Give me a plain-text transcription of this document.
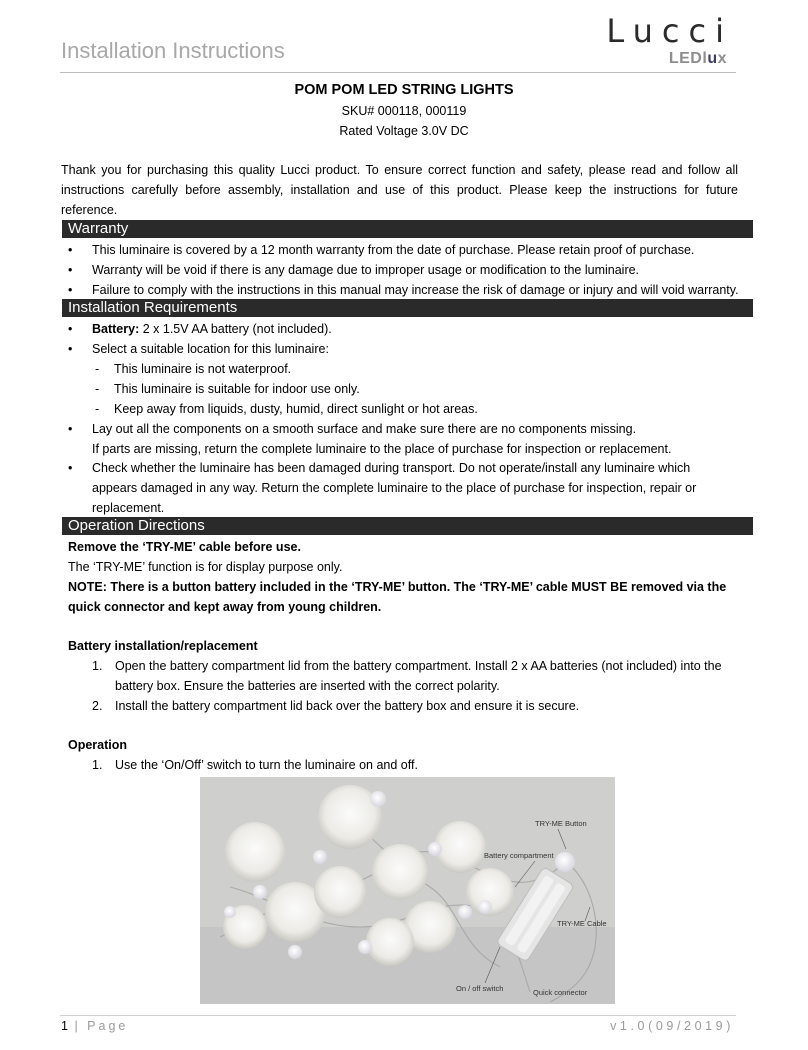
Installation Instructions
Lucci
LEDlux
POM POM LED STRING LIGHTS
SKU# 000118, 000119
Rated Voltage 3.0V DC
Thank you for purchasing this quality Lucci product. To ensure correct function and safety, please read and follow all instructions carefully before assembly, installation and use of this product. Please keep the instructions for future reference.
Warranty
• This luminaire is covered by a 12 month warranty from the date of purchase. Please retain proof of purchase.
• Warranty will be void if there is any damage due to improper usage or modification to the luminaire.
• Failure to comply with the instructions in this manual may increase the risk of damage or injury and will void warranty.
Installation Requirements
• Battery: 2 x 1.5V AA battery (not included).
• Select a suitable location for this luminaire:
- This luminaire is not waterproof.
- This luminaire is suitable for indoor use only.
- Keep away from liquids, dusty, humid, direct sunlight or hot areas.
• Lay out all the components on a smooth surface and make sure there are no components missing.
If parts are missing, return the complete luminaire to the place of purchase for inspection or replacement.
• Check whether the luminaire has been damaged during transport. Do not operate/install any luminaire which
appears damaged in any way. Return the complete luminaire to the place of purchase for inspection, repair or
replacement.
Operation Directions
Remove the ‘TRY-ME’ cable before use.
The ‘TRY-ME’ function is for display purpose only.
NOTE: There is a button battery included in the ‘TRY-ME’ button. The ‘TRY-ME’ cable MUST BE removed via the
quick connector and kept away from young children.
Battery installation/replacement
1. Open the battery compartment lid from the battery compartment. Install 2 x AA batteries (not included) into the
battery box. Ensure the batteries are inserted with the correct polarity.
2. Install the battery compartment lid back over the battery box and ensure it is secure.
Operation
1. Use the ‘On/Off’ switch to turn the luminaire on and off.
TRY-ME Button
Battery compartment
TRY-ME Cable
On / off switch	Quick connector
1 | Page	v1.0(09/2019)
